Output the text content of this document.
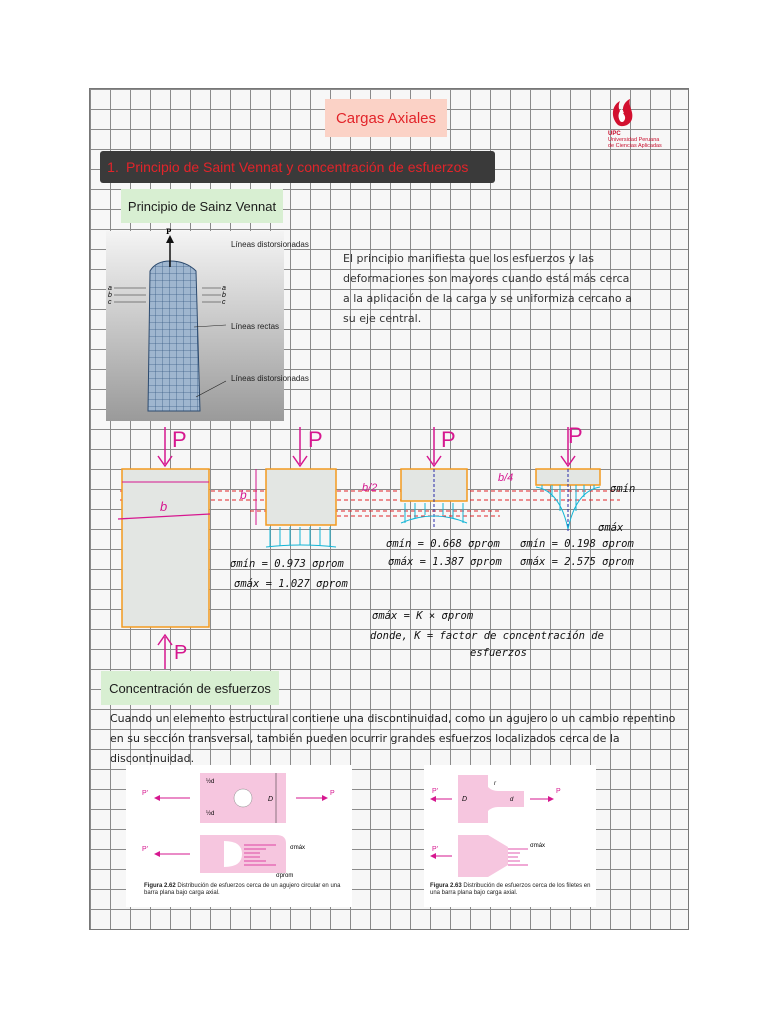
Cargas Axiales
UPC
Universidad Peruana
de Ciencias Aplicadas
1. Principio de Saint Vennat y concentración de esfuerzos
Principio de Sainz Vennat
P
Líneas distorsionadas
Líneas rectas
Líneas distorsionadas
a
b
c
a
b
c
El principio manifiesta que los esfuerzos y las deformaciones son mayores cuando está más cerca a la aplicación de la carga y se uniformiza cercano a su eje central.
b
P
P
P
b
σmín = 0.973 σprom
σmáx = 1.027 σprom
P
b/2
σmín = 0.668 σprom
σmáx = 1.387 σprom
P
b/4
σmín
σmáx
σmín = 0.198 σprom
σmáx = 2.575 σprom
σmáx = K × σprom
donde, K = factor de concentración de
esfuerzos
Concentración de esfuerzos
Cuando un elemento estructural contiene una discontinuidad, como un agujero o un cambio repentino
en su sección transversal, también pueden ocurrir grandes esfuerzos localizados cerca de la discontinuidad.
P'	P
½d
½d
D
P'	σmáx
σprom
Figura 2.62 Distribución de esfuerzos cerca de un agujero circular en una barra plana bajo carga axial.
P'	P
D	d
r
P'	σmáx
Figura 2.63 Distribución de esfuerzos cerca de los filetes en una barra plana bajo carga axial.
